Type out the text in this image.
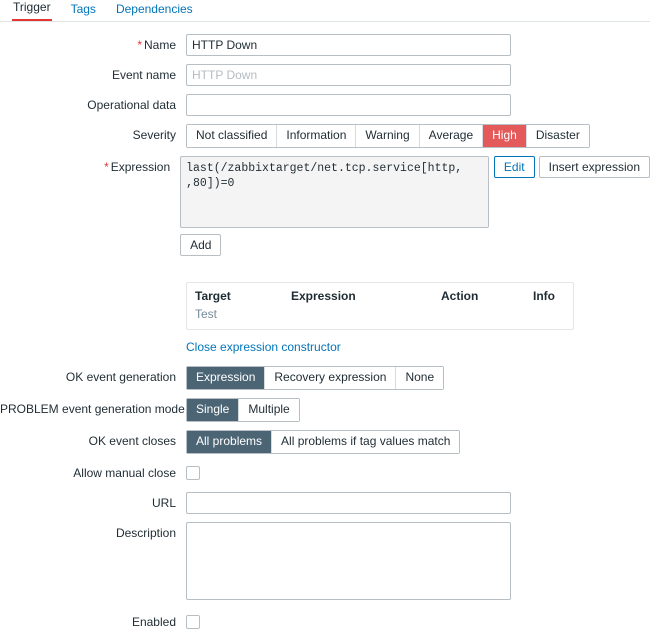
Trigger Tags Dependencies
* Name
HTTP Down
Event name
HTTP Down
Operational data
Severity	Not classified	Information	Warning	Average	High	Disaster
* Expression
last(/zabbixtarget/net.tcp.service[http, ,80])=0	Edit	Insert expression
Add
Target	Expression	Action	Info
Test
Close expression constructor
OK event generation	Expression	Recovery expression	None
PROBLEM event generation mode Single	Multiple
OK event closes	All problems	All problems if tag values match
Allow manual close
URL
Description
Enabled
